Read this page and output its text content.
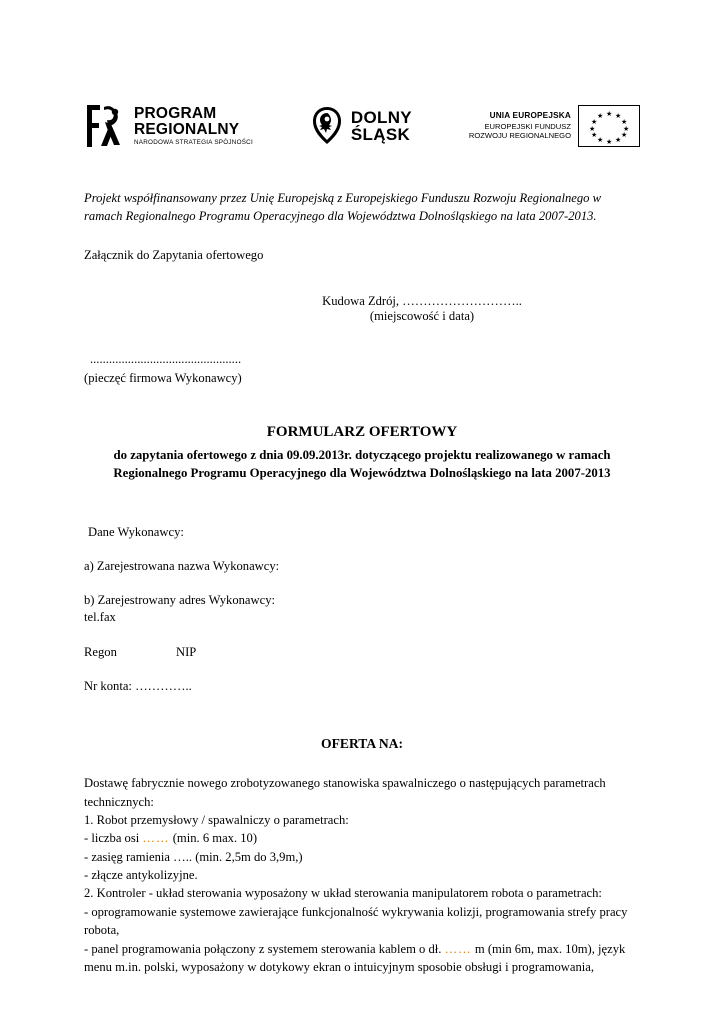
PROGRAM
REGIONALNY
NARODOWA STRATEGIA SPÓJNOŚCI
DOLNY
ŚLĄSK
UNIA EUROPEJSKA
EUROPEJSKI FUNDUSZ
ROZWOJU REGIONALNEGO
★ ★
★
★
★
★
★
★
★
★
★
★
Projekt współfinansowany przez Unię Europejską z Europejskiego Funduszu Rozwoju Regionalnego w ramach Regionalnego Programu Operacyjnego dla Województwa Dolnośląskiego na lata 2007-2013.
Załącznik do Zapytania ofertowego
Kudowa Zdrój, ………………………..
(miejscowość i data)
................................................
(pieczęć firmowa Wykonawcy)
FORMULARZ OFERTOWY
do zapytania ofertowego z dnia 09.09.2013r. dotyczącego projektu realizowanego w ramach Regionalnego Programu Operacyjnego dla Województwa Dolnośląskiego na lata 2007-2013
Dane Wykonawcy:
a) Zarejestrowana nazwa Wykonawcy:
b) Zarejestrowany adres Wykonawcy:
tel.fax
Regon	NIP
Nr konta: …………..
OFERTA NA:

Dostawę fabrycznie nowego zrobotyzowanego stanowiska spawalniczego o następujących parametrach technicznych:

1. Robot przemysłowy / spawalniczy o parametrach:

- liczba osi …… (min. 6 max. 10)

- zasięg ramienia ….. (min. 2,5m do 3,9m,)

- złącze antykolizyjne.

2. Kontroler - układ sterowania wyposażony w układ sterowania manipulatorem robota o parametrach:

- oprogramowanie systemowe zawierające funkcjonalność wykrywania kolizji, programowania strefy pracy robota,

- panel programowania połączony z systemem sterowania kablem o dł. …… m (min 6m, max. 10m), język menu m.in. polski, wyposażony w dotykowy ekran o intuicyjnym sposobie obsługi i programowania,
